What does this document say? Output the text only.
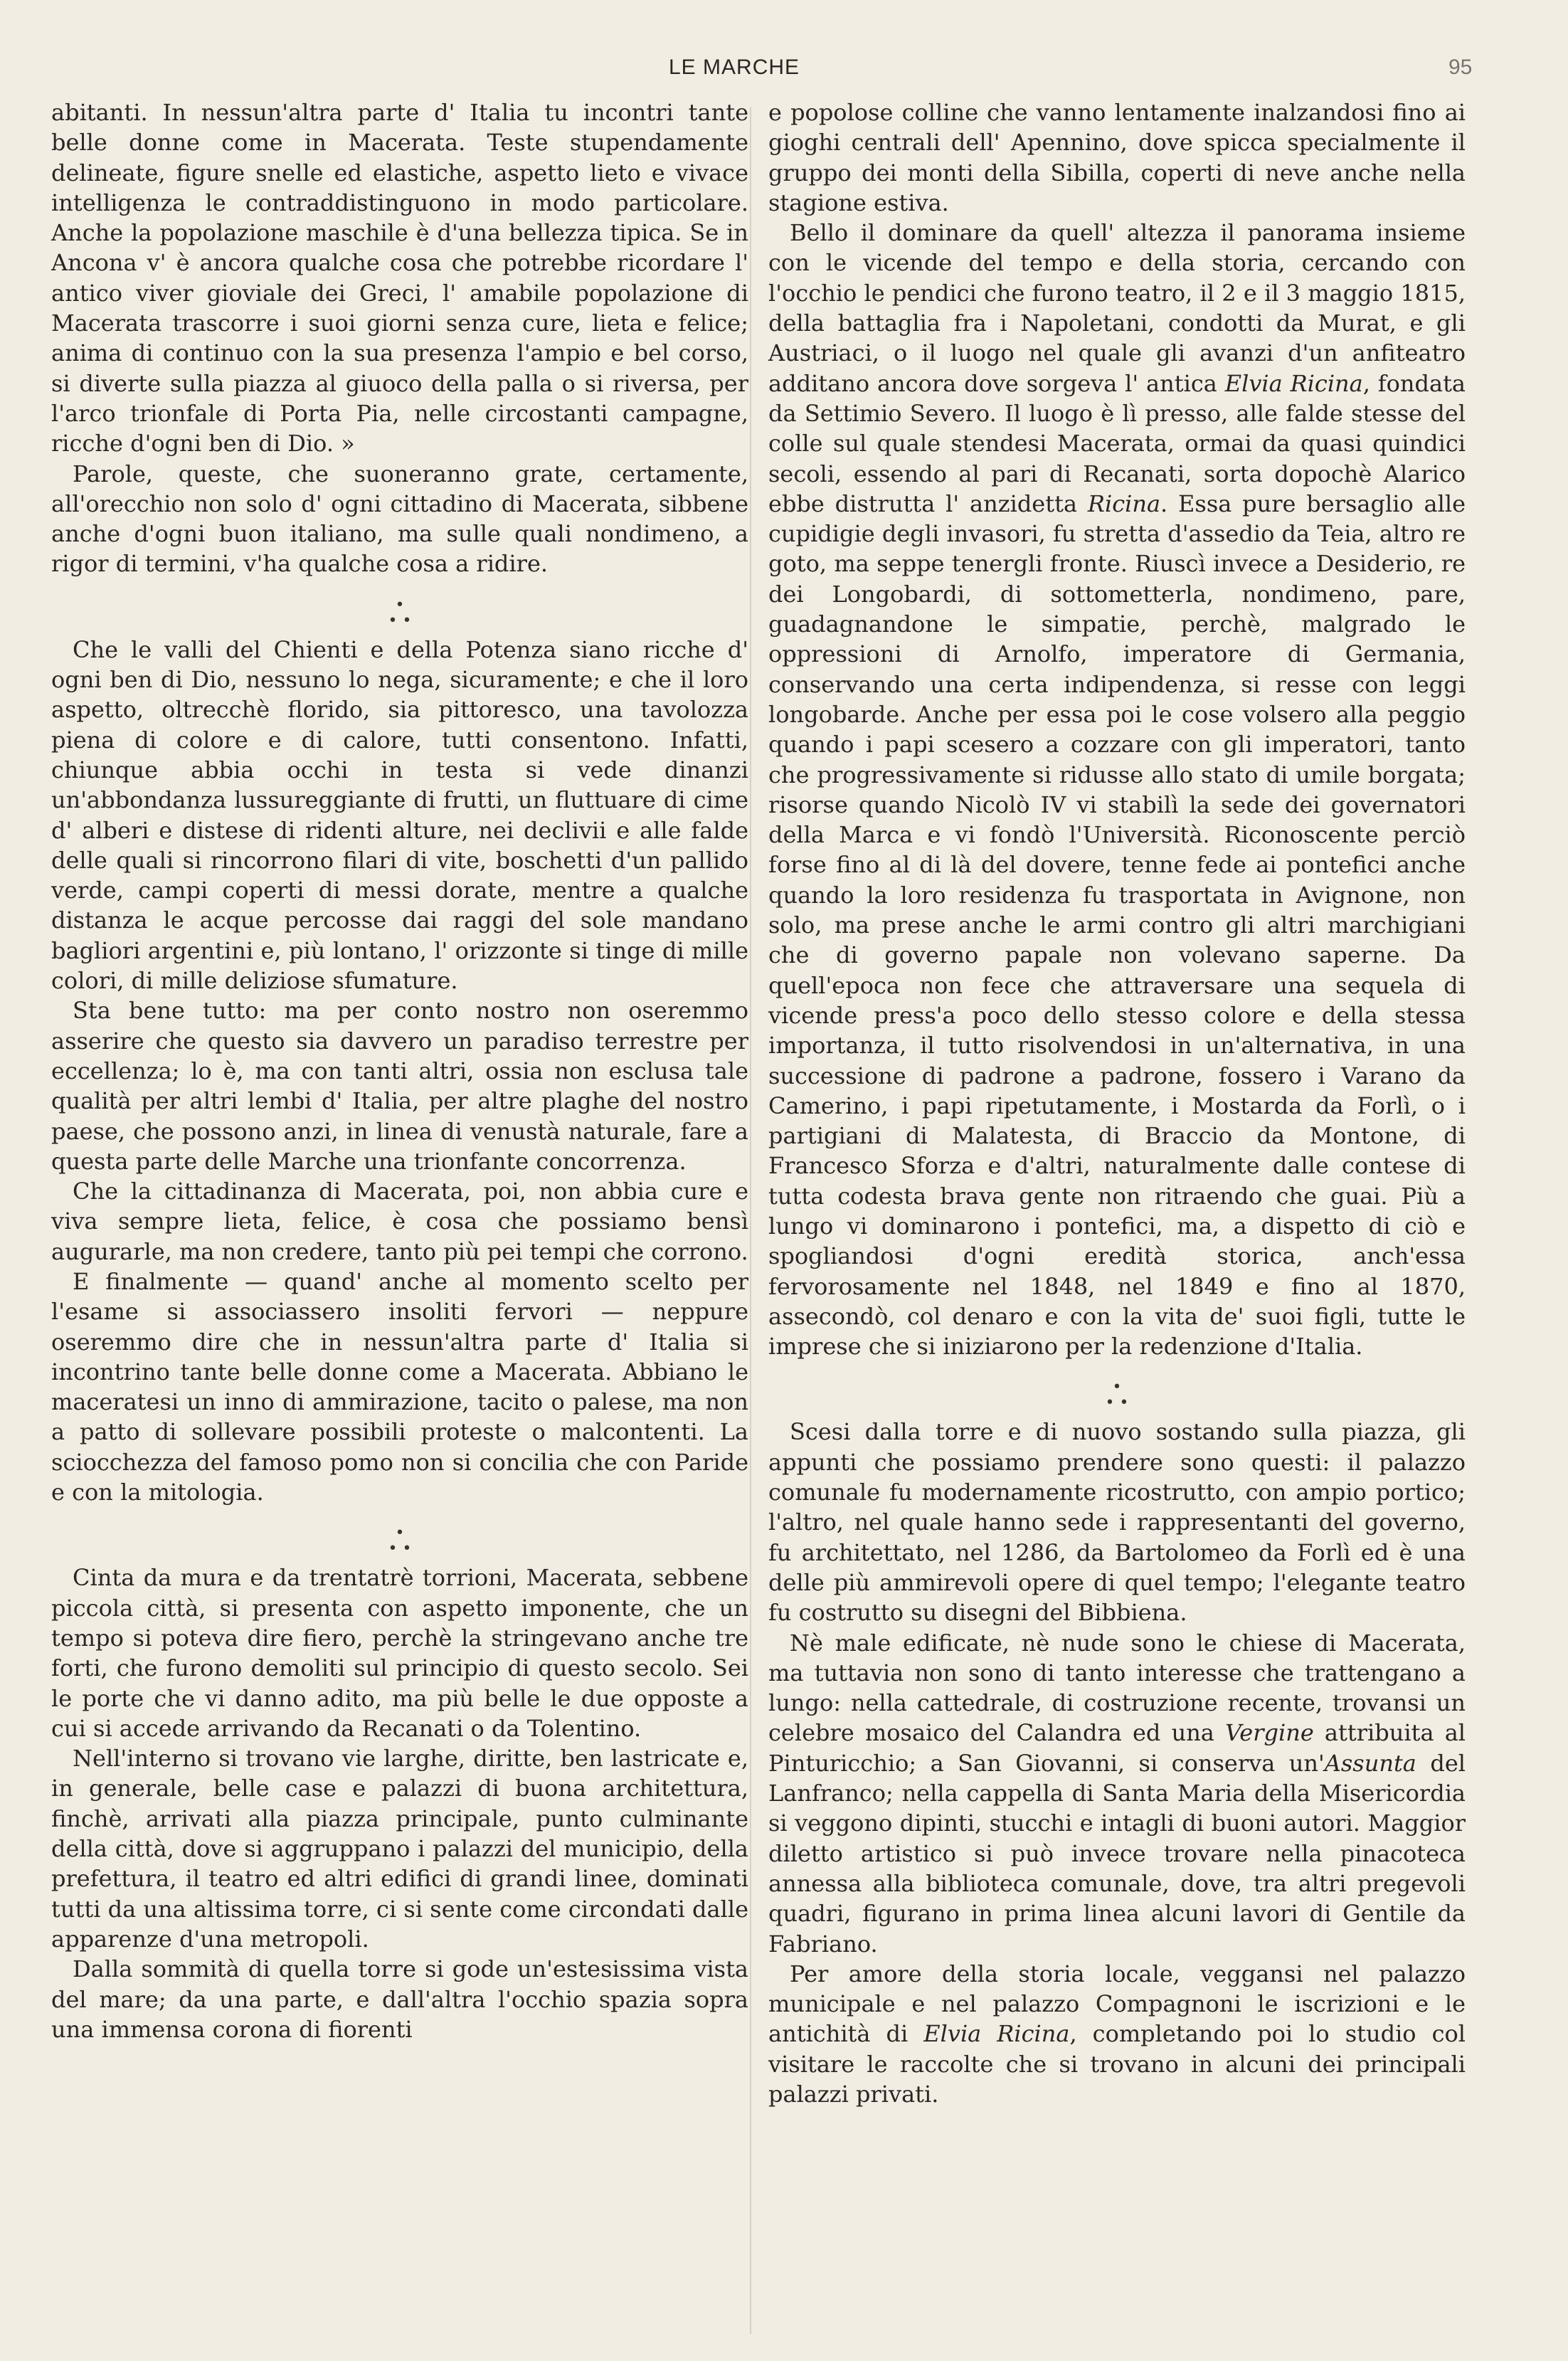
LE MARCHE	95

abitanti. In nessun'altra parte d' Italia tu incontri tante belle donne come in Macerata. Teste stupendamente delineate, figure snelle ed elastiche, aspetto lieto e vivace intelligenza le contraddistinguono in modo particolare. Anche la popolazione maschile è d'una bellezza tipica. Se in Ancona v' è ancora qualche cosa che potrebbe ricordare l' antico viver gioviale dei Greci, l' amabile popolazione di Macerata trascorre i suoi giorni senza cure, lieta e felice; anima di continuo con la sua presenza l'ampio e bel corso, si diverte sulla piazza al giuoco della palla o si riversa, per l'arco trionfale di Porta Pia, nelle circostanti campagne, ricche d'ogni ben di Dio. »

Parole, queste, che suoneranno grate, certamente, all'orecchio non solo d' ogni cittadino di Macerata, sibbene anche d'ogni buon italiano, ma sulle quali nondimeno, a rigor di termini, v'ha qualche cosa a ridire.

•
• •

Che le valli del Chienti e della Potenza siano ricche d' ogni ben di Dio, nessuno lo nega, sicuramente; e che il loro aspetto, oltrecchè florido, sia pittoresco, una tavolozza piena di colore e di calore, tutti consentono. Infatti, chiunque abbia occhi in testa si vede dinanzi un'abbondanza lussureggiante di frutti, un fluttuare di cime d' alberi e distese di ridenti alture, nei declivii e alle falde delle quali si rincorrono filari di vite, boschetti d'un pallido verde, campi coperti di messi dorate, mentre a qualche distanza le acque percosse dai raggi del sole mandano bagliori argentini e, più lontano, l' orizzonte si tinge di mille colori, di mille deliziose sfumature.

Sta bene tutto: ma per conto nostro non oseremmo asserire che questo sia davvero un paradiso terrestre per eccellenza; lo è, ma con tanti altri, ossia non esclusa tale qualità per altri lembi d' Italia, per altre plaghe del nostro paese, che possono anzi, in linea di venustà naturale, fare a questa parte delle Marche una trionfante concorrenza.

Che la cittadinanza di Macerata, poi, non abbia cure e viva sempre lieta, felice, è cosa che possiamo bensì augurarle, ma non credere, tanto più pei tempi che corrono.

E finalmente — quand' anche al momento scelto per l'esame si associassero insoliti fervori — neppure oseremmo dire che in nessun'altra parte d' Italia si incontrino tante belle donne come a Macerata. Abbiano le maceratesi un inno di ammirazione, tacito o palese, ma non a patto di sollevare possibili proteste o malcontenti. La sciocchezza del famoso pomo non si concilia che con Paride e con la mitologia.

•
• •

Cinta da mura e da trentatrè torrioni, Macerata, sebbene piccola città, si presenta con aspetto imponente, che un tempo si poteva dire fiero, perchè la stringevano anche tre forti, che furono demoliti sul principio di questo secolo. Sei le porte che vi danno adito, ma più belle le due opposte a cui si accede arrivando da Recanati o da Tolentino.

Nell'interno si trovano vie larghe, diritte, ben lastricate e, in generale, belle case e palazzi di buona architettura, finchè, arrivati alla piazza principale, punto culminante della città, dove si aggruppano i palazzi del municipio, della prefettura, il teatro ed altri edifici di grandi linee, dominati tutti da una altissima torre, ci si sente come circondati dalle apparenze d'una metropoli.

Dalla sommità di quella torre si gode un'estesissima vista del mare; da una parte, e dall'altra l'occhio spazia sopra una immensa corona di fiorenti

e popolose colline che vanno lentamente inalzandosi fino ai gioghi centrali dell' Apennino, dove spicca specialmente il gruppo dei monti della Sibilla, coperti di neve anche nella stagione estiva.

Bello il dominare da quell' altezza il panorama insieme con le vicende del tempo e della storia, cercando con l'occhio le pendici che furono teatro, il 2 e il 3 maggio 1815, della battaglia fra i Napoletani, condotti da Murat, e gli Austriaci, o il luogo nel quale gli avanzi d'un anfiteatro additano ancora dove sorgeva l' antica Elvia Ricina, fondata da Settimio Severo. Il luogo è lì presso, alle falde stesse del colle sul quale stendesi Macerata, ormai da quasi quindici secoli, essendo al pari di Recanati, sorta dopochè Alarico ebbe distrutta l' anzidetta Ricina. Essa pure bersaglio alle cupidigie degli invasori, fu stretta d'assedio da Teia, altro re goto, ma seppe tenergli fronte. Riuscì invece a Desiderio, re dei Longobardi, di sottometterla, nondimeno, pare, guadagnandone le simpatie, perchè, malgrado le oppressioni di Arnolfo, imperatore di Germania, conservando una certa indipendenza, si resse con leggi longobarde. Anche per essa poi le cose volsero alla peggio quando i papi scesero a cozzare con gli imperatori, tanto che progressivamente si ridusse allo stato di umile borgata; risorse quando Nicolò IV vi stabilì la sede dei governatori della Marca e vi fondò l'Università. Riconoscente perciò forse fino al di là del dovere, tenne fede ai pontefici anche quando la loro residenza fu trasportata in Avignone, non solo, ma prese anche le armi contro gli altri marchigiani che di governo papale non volevano saperne. Da quell'epoca non fece che attraversare una sequela di vicende press'a poco dello stesso colore e della stessa importanza, il tutto risolvendosi in un'alternativa, in una successione di padrone a padrone, fossero i Varano da Camerino, i papi ripetutamente, i Mostarda da Forlì, o i partigiani di Malatesta, di Braccio da Montone, di Francesco Sforza e d'altri, naturalmente dalle contese di tutta codesta brava gente non ritraendo che guai. Più a lungo vi dominarono i pontefici, ma, a dispetto di ciò e spogliandosi d'ogni eredità storica, anch'essa fervorosamente nel 1848, nel 1849 e fino al 1870, assecondò, col denaro e con la vita de' suoi figli, tutte le imprese che si iniziarono per la redenzione d'Italia.

•
• •

Scesi dalla torre e di nuovo sostando sulla piazza, gli appunti che possiamo prendere sono questi: il palazzo comunale fu modernamente ricostrutto, con ampio portico; l'altro, nel quale hanno sede i rappresentanti del governo, fu architettato, nel 1286, da Bartolomeo da Forlì ed è una delle più ammirevoli opere di quel tempo; l'elegante teatro fu costrutto su disegni del Bibbiena.

Nè male edificate, nè nude sono le chiese di Macerata, ma tuttavia non sono di tanto interesse che trattengano a lungo: nella cattedrale, di costruzione recente, trovansi un celebre mosaico del Calandra ed una Vergine attribuita al Pinturicchio; a San Giovanni, si conserva un'Assunta del Lanfranco; nella cappella di Santa Maria della Misericordia si veggono dipinti, stucchi e intagli di buoni autori. Maggior diletto artistico si può invece trovare nella pinacoteca annessa alla biblioteca comunale, dove, tra altri pregevoli quadri, figurano in prima linea alcuni lavori di Gentile da Fabriano.

Per amore della storia locale, veggansi nel palazzo municipale e nel palazzo Compagnoni le iscrizioni e le antichità di Elvia Ricina, completando poi lo studio col visitare le raccolte che si trovano in alcuni dei principali palazzi privati.
